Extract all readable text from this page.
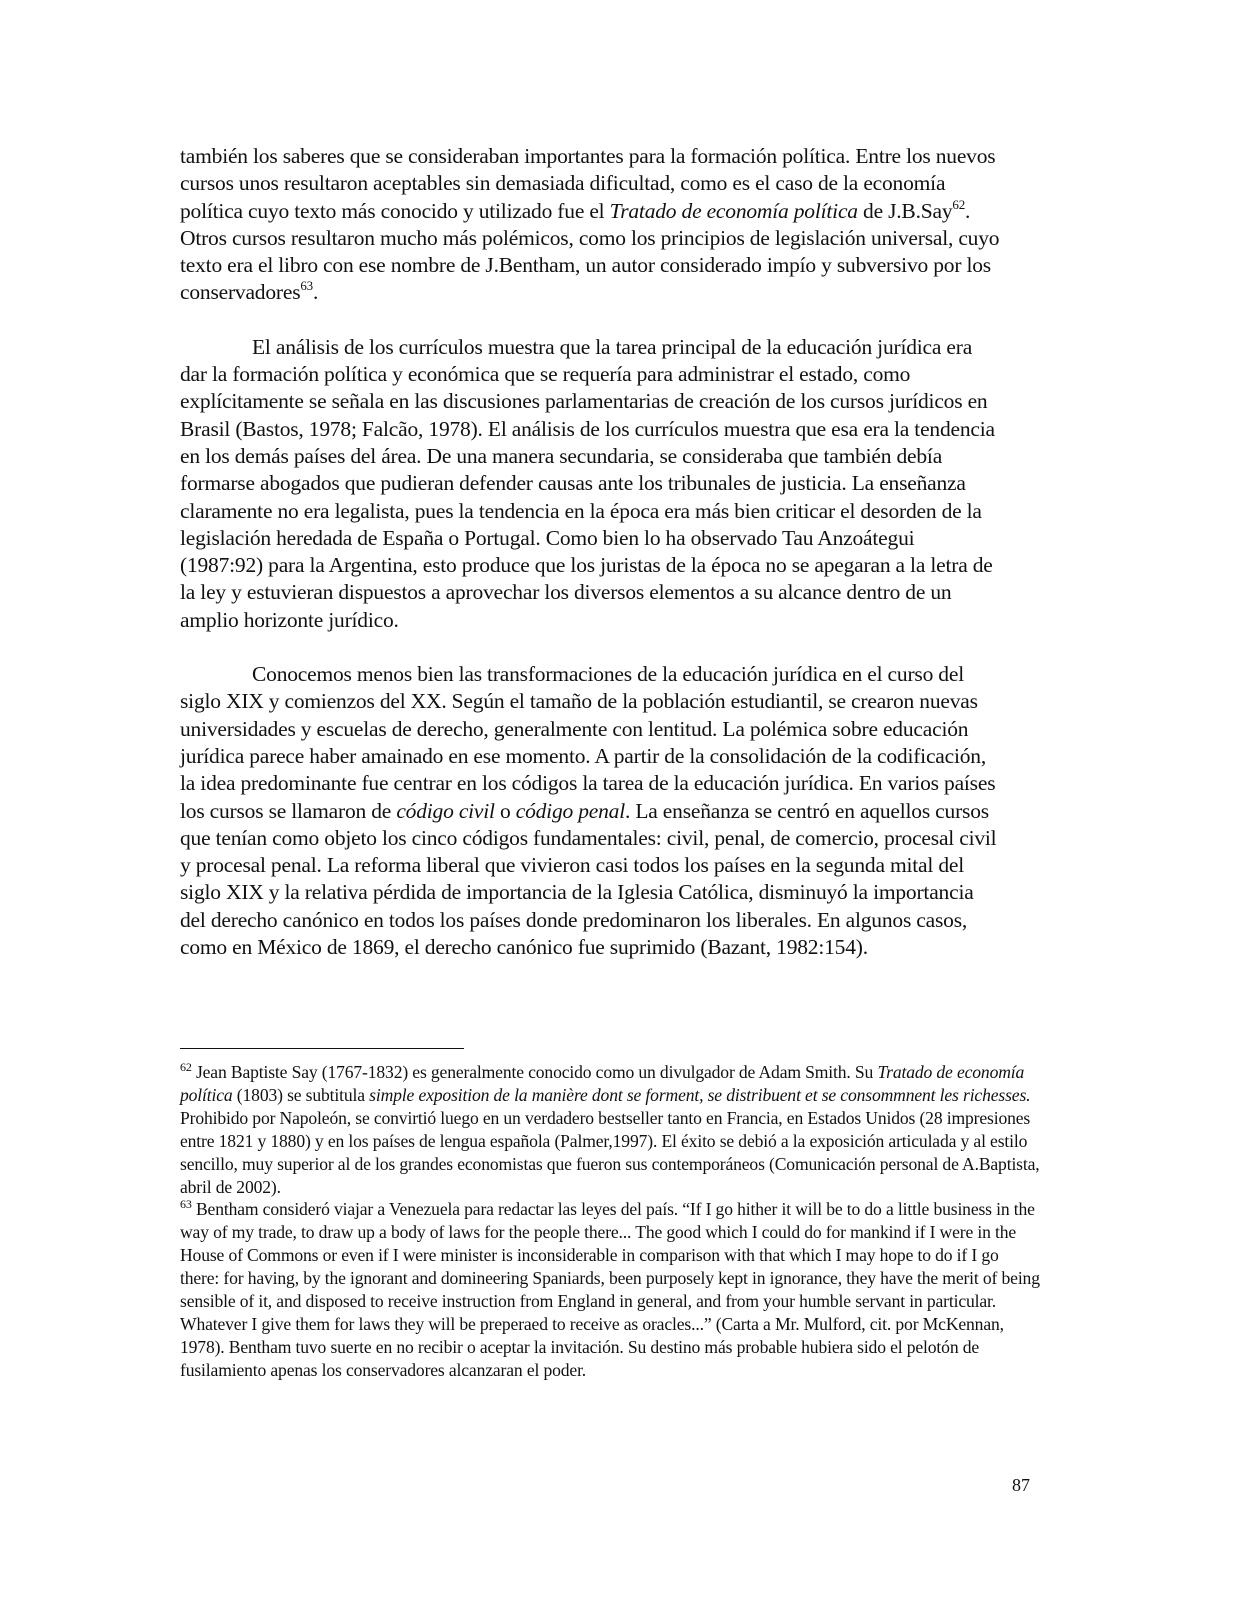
también los saberes que se consideraban importantes para la formación política. Entre los nuevos cursos unos resultaron aceptables sin demasiada dificultad, como es el caso de la economía política cuyo texto más conocido y utilizado fue el Tratado de economía política de J.B.Say$^{62}$. Otros cursos resultaron mucho más polémicos, como los principios de legislación universal, cuyo texto era el libro con ese nombre de J.Bentham, un autor considerado impío y subversivo por los conservadores$^{63}$.

El análisis de los currículos muestra que la tarea principal de la educación jurídica era dar la formación política y económica que se requería para administrar el estado, como explícitamente se señala en las discusiones parlamentarias de creación de los cursos jurídicos en Brasil (Bastos, 1978; Falcão, 1978). El análisis de los currículos muestra que esa era la tendencia en los demás países del área. De una manera secundaria, se consideraba que también debía formarse abogados que pudieran defender causas ante los tribunales de justicia. La enseñanza claramente no era legalista, pues la tendencia en la época era más bien criticar el desorden de la legislación heredada de España o Portugal. Como bien lo ha observado Tau Anzoátegui (1987:92) para la Argentina, esto produce que los juristas de la época no se apegaran a la letra de la ley y estuvieran dispuestos a aprovechar los diversos elementos a su alcance dentro de un amplio horizonte jurídico.

Conocemos menos bien las transformaciones de la educación jurídica en el curso del siglo XIX y comienzos del XX. Según el tamaño de la población estudiantil, se crearon nuevas universidades y escuelas de derecho, generalmente con lentitud. La polémica sobre educación jurídica parece haber amainado en ese momento. A partir de la consolidación de la codificación, la idea predominante fue centrar en los códigos la tarea de la educación jurídica. En varios países los cursos se llamaron de código civil o código penal. La enseñanza se centró en aquellos cursos que tenían como objeto los cinco códigos fundamentales: civil, penal, de comercio, procesal civil y procesal penal. La reforma liberal que vivieron casi todos los países en la segunda mital del siglo XIX y la relativa pérdida de importancia de la Iglesia Católica, disminuyó la importancia del derecho canónico en todos los países donde predominaron los liberales. En algunos casos, como en México de 1869, el derecho canónico fue suprimido (Bazant, 1982:154).

$^{62}$ Jean Baptiste Say (1767-1832) es generalmente conocido como un divulgador de Adam Smith. Su Tratado de economía política (1803) se subtitula simple exposition de la manière dont se forment, se distribuent et se consommnent les richesses. Prohibido por Napoleón, se convirtió luego en un verdadero bestseller tanto en Francia, en Estados Unidos (28 impresiones entre 1821 y 1880) y en los países de lengua española (Palmer,1997). El éxito se debió a la exposición articulada y al estilo sencillo, muy superior al de los grandes economistas que fueron sus contemporáneos (Comunicación personal de A.Baptista, abril de 2002).

$^{63}$ Bentham consideró viajar a Venezuela para redactar las leyes del país. “If I go hither it will be to do a little business in the way of my trade, to draw up a body of laws for the people there... The good which I could do for mankind if I were in the House of Commons or even if I were minister is inconsiderable in comparison with that which I may hope to do if I go there: for having, by the ignorant and domineering Spaniards, been purposely kept in ignorance, they have the merit of being sensible of it, and disposed to receive instruction from England in general, and from your humble servant in particular. Whatever I give them for laws they will be preperaed to receive as oracles...” (Carta a Mr. Mulford, cit. por McKennan, 1978). Bentham tuvo suerte en no recibir o aceptar la invitación. Su destino más probable hubiera sido el pelotón de fusilamiento apenas los conservadores alcanzaran el poder.

87
